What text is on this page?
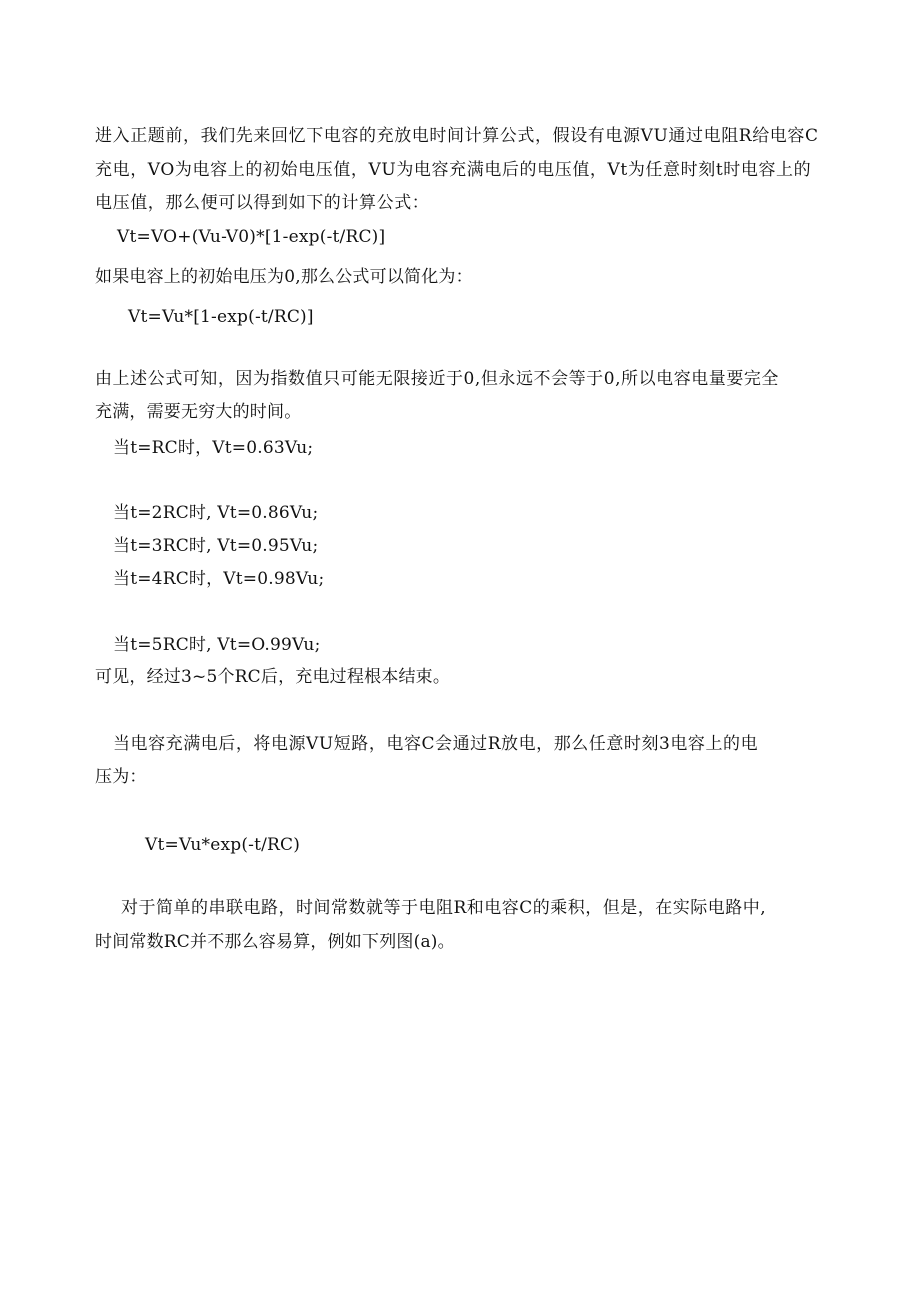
进入正题前，我们先来回忆下电容的充放电时间计算公式，假设有电源VU通过电阻R给电容C充电，VO为电容上的初始电压值，VU为电容充满电后的电压值，Vt为任意时刻t时电容上的电压值，那么便可以得到如下的计算公式：
Vt=VO+(Vu-V0)*[1-exp(-t/RC)]
如果电容上的初始电压为0,那么公式可以简化为：
Vt=Vu*[1-exp(-t/RC)]
由上述公式可知，因为指数值只可能无限接近于0,但永远不会等于0,所以电容电量要完全
充满，需要无穷大的时间。
当t=RC时，Vt=0.63Vu;
当t=2RC时, Vt=0.86Vu;
当t=3RC时, Vt=0.95Vu;
当t=4RC时，Vt=0.98Vu;
当t=5RC时, Vt=O.99Vu;
可见，经过3~5个RC后，充电过程根本结束。
当电容充满电后，将电源VU短路，电容C会通过R放电，那么任意时刻3电容上的电
压为：
Vt=Vu*exp(-t/RC)
对于简单的串联电路，时间常数就等于电阻R和电容C的乘积，但是，在实际电路中,
时间常数RC并不那么容易算，例如下列图(a)。
